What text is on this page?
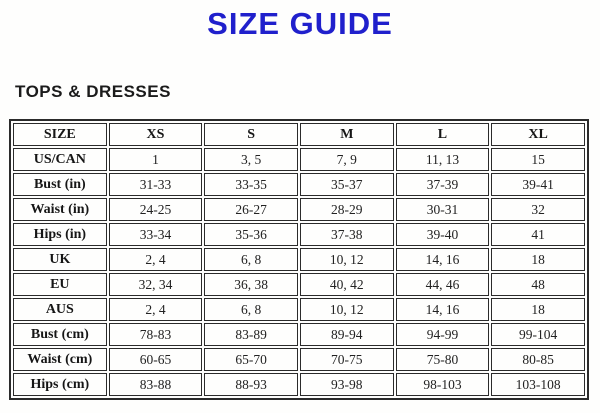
SIZE GUIDE
TOPS & DRESSES
SIZE	XS	S	M	L	XL
US/CAN	1	3, 5	7, 9	11, 13	15
Bust (in)	31-33	33-35	35-37	37-39	39-41
Waist (in)	24-25	26-27	28-29	30-31	32
Hips (in)	33-34	35-36	37-38	39-40	41
UK	2, 4	6, 8	10, 12	14, 16	18
EU	32, 34	36, 38	40, 42	44, 46	48
AUS	2, 4	6, 8	10, 12	14, 16	18
Bust (cm)	78-83	83-89	89-94	94-99	99-104
Waist (cm)	60-65	65-70	70-75	75-80	80-85
Hips (cm)	83-88	88-93	93-98	98-103	103-108
